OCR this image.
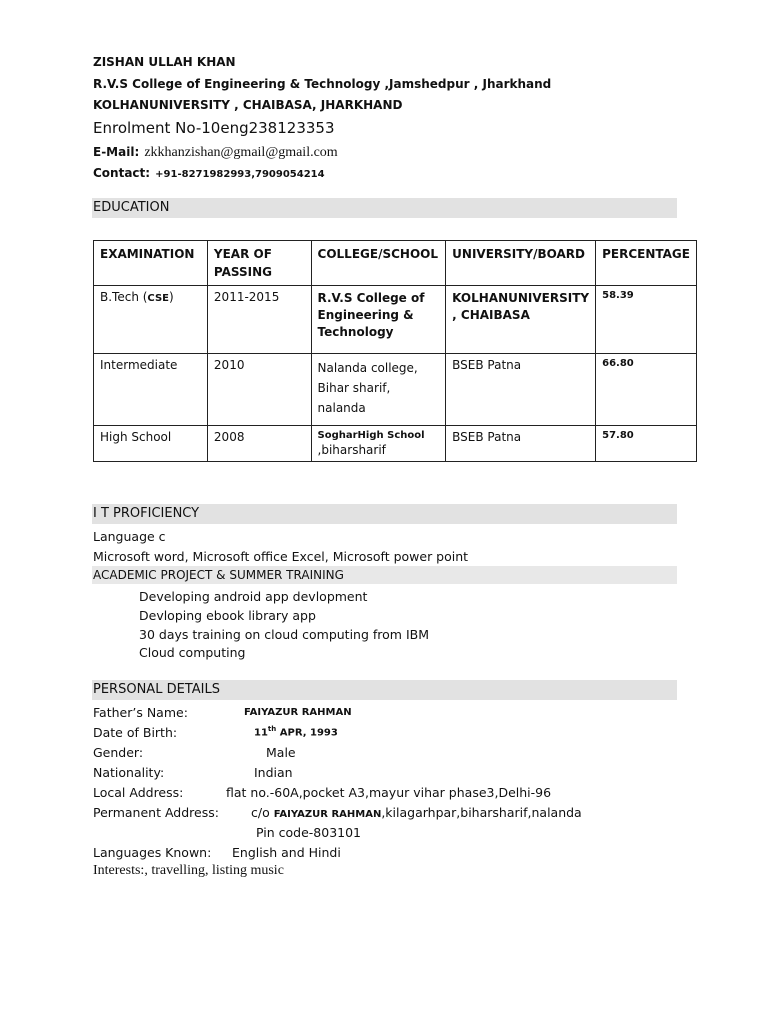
ZISHAN ULLAH KHAN
R.V.S College of Engineering & Technology ,Jamshedpur , Jharkhand
KOLHANUNIVERSITY , CHAIBASA, JHARKHAND
Enrolment No-10eng238123353
E-Mail: zkkhanzishan@gmail@gmail.com
Contact: +91-8271982993,7909054214
EDUCATION
EXAMINATION	YEAR OF PASSING	COLLEGE/SCHOOL	UNIVERSITY/BOARD	PERCENTAGE
B.Tech (CSE)	2011-2015	R.V.S College of Engineering & Technology	KOLHANUNIVERSITY , CHAIBASA	58.39
Intermediate	2010	Nalanda college,
Bihar sharif,
nalanda	BSEB Patna	66.80
High School	2008	SogharHigh School
,biharsharif	BSEB Patna	57.80
I T PROFICIENCY
Language c
Microsoft word, Microsoft office Excel, Microsoft power point
ACADEMIC PROJECT & SUMMER TRAINING
Developing android app devlopment
Devloping ebook library app
30 days training on cloud computing from IBM
Cloud computing
PERSONAL DETAILS
Father’s Name:	FAIYAZUR RAHMAN
Date of Birth:	11th APR, 1993
Gender:	Male
Nationality:	Indian
Local Address:	flat no.-60A,pocket A3,mayur vihar phase3,Delhi-96
Permanent Address:	c/o FAIYAZUR RAHMAN,kilagarhpar,biharsharif,nalanda
Pin code-803101
Languages Known: English and Hindi
Interests:, travelling, listing music
